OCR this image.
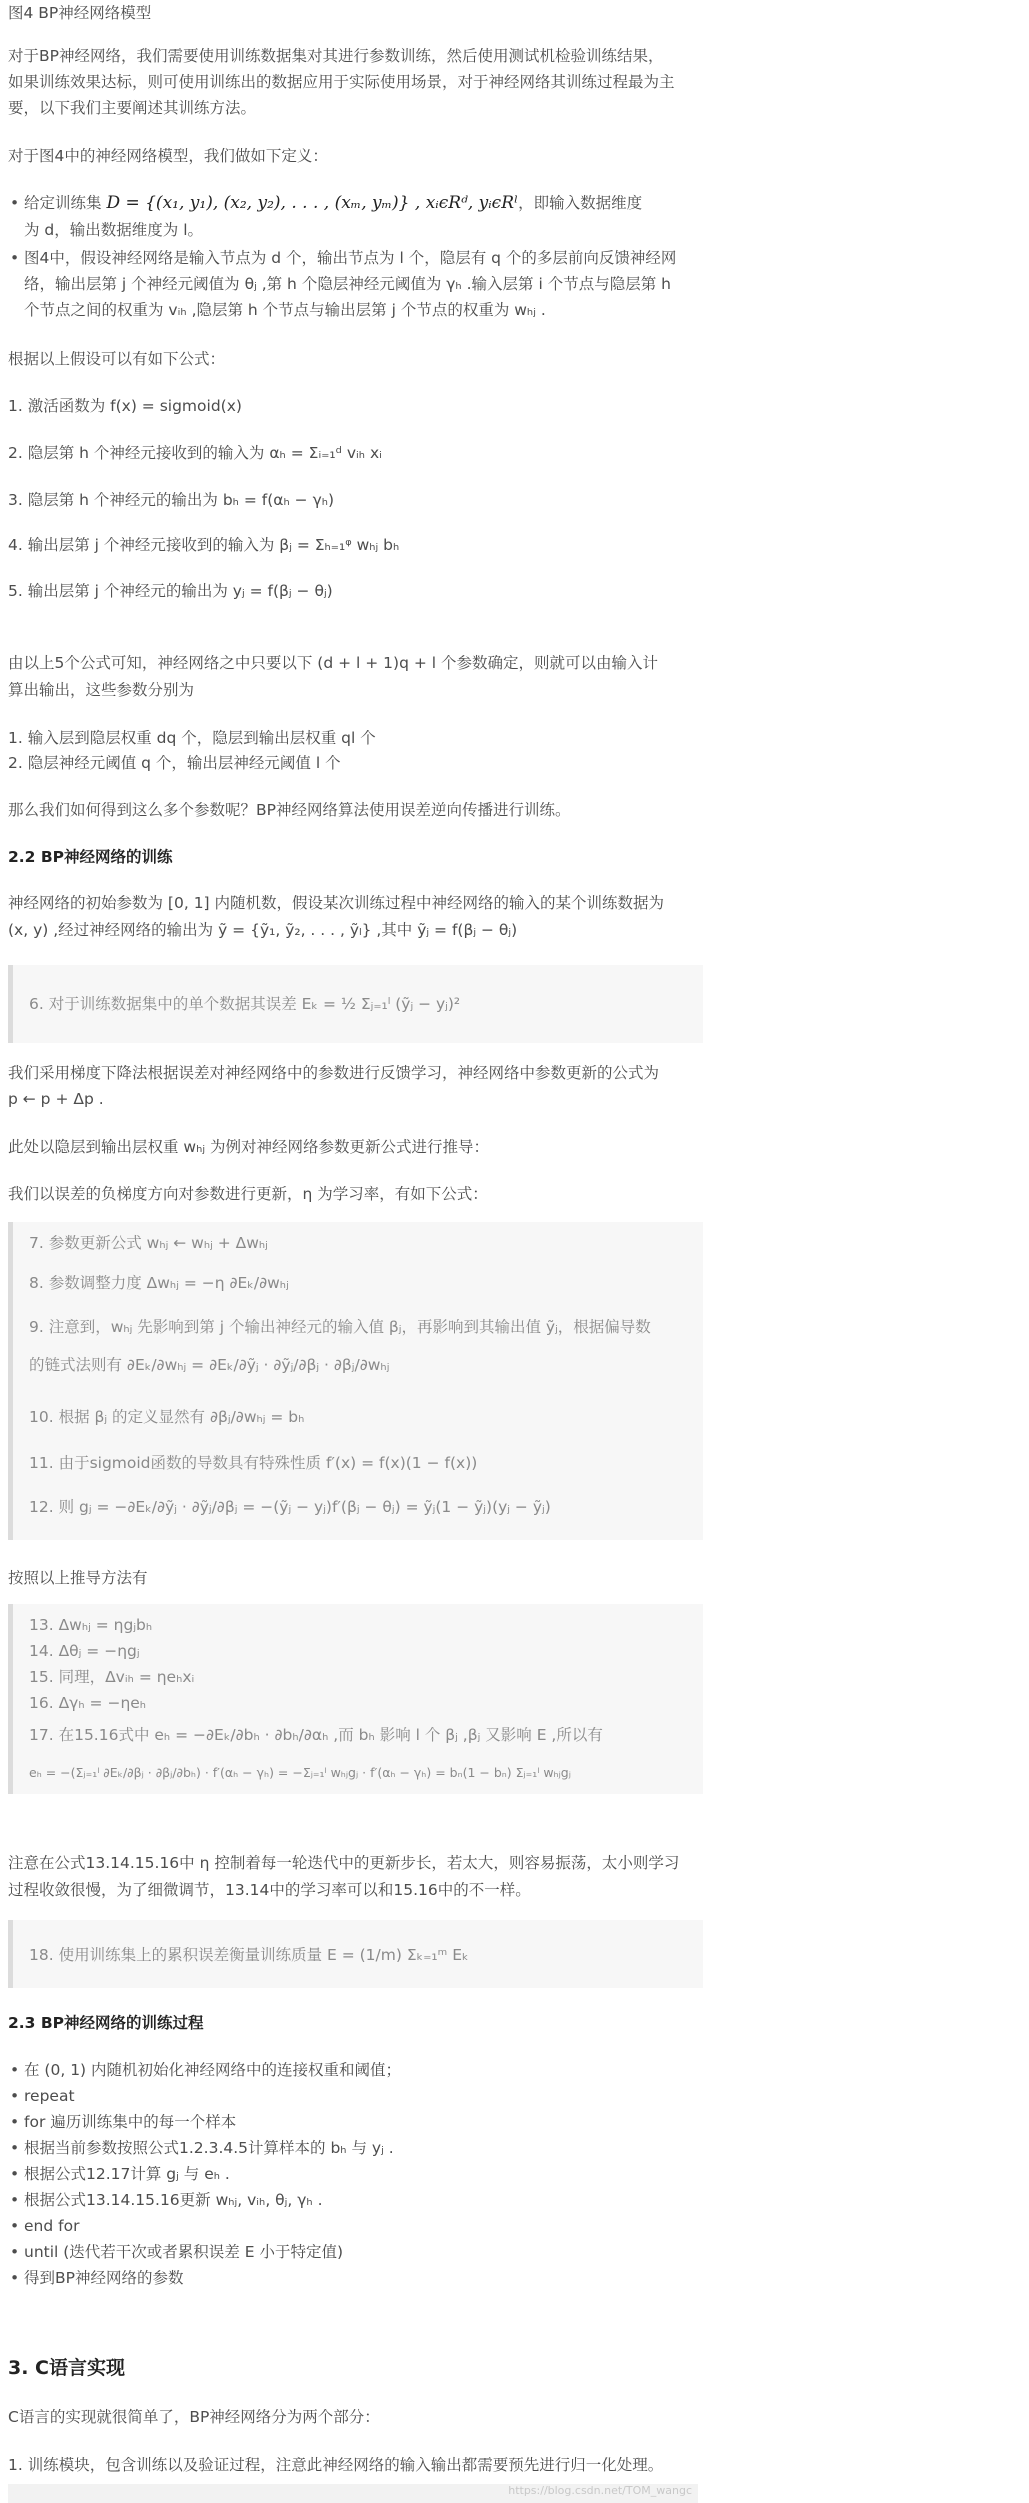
图4 BP神经网络模型
对于BP神经网络，我们需要使用训练数据集对其进行参数训练，然后使用测试机检验训练结果，
如果训练效果达标，则可使用训练出的数据应用于实际使用场景，对于神经网络其训练过程最为主
要，以下我们主要阐述其训练方法。
对于图4中的神经网络模型，我们做如下定义：
• 给定训练集 D = {(x₁, y₁), (x₂, y₂), . . . , (xₘ, yₘ)} , xᵢϵRᵈ, yᵢϵRˡ，即输入数据维度
为 d，输出数据维度为 l。
• 图4中，假设神经网络是输入节点为 d 个，输出节点为 l 个，隐层有 q 个的多层前向反馈神经网
络，输出层第 j 个神经元阈值为 θⱼ ,第 h 个隐层神经元阈值为 γₕ .输入层第 i 个节点与隐层第 h
个节点之间的权重为 vᵢₕ ,隐层第 h 个节点与输出层第 j 个节点的权重为 wₕⱼ .
根据以上假设可以有如下公式：
1. 激活函数为 f(x) = sigmoid(x)
2. 隐层第 h 个神经元接收到的输入为 αₕ = Σᵢ₌₁ᵈ vᵢₕ xᵢ
3. 隐层第 h 个神经元的输出为 bₕ = f(αₕ − γₕ)
4. 输出层第 j 个神经元接收到的输入为 βⱼ = Σₕ₌₁ᵠ wₕⱼ bₕ
5. 输出层第 j 个神经元的输出为 yⱼ = f(βⱼ − θⱼ)
由以上5个公式可知，神经网络之中只要以下 (d + l + 1)q + l 个参数确定，则就可以由输入计
算出输出，这些参数分别为
1. 输入层到隐层权重 dq 个，隐层到输出层权重 ql 个
2. 隐层神经元阈值 q 个，输出层神经元阈值 l 个
那么我们如何得到这么多个参数呢？BP神经网络算法使用误差逆向传播进行训练。
2.2 BP神经网络的训练
神经网络的初始参数为 [0, 1] 内随机数，假设某次训练过程中神经网络的输入的某个训练数据为
(x, y) ,经过神经网络的输出为 ỹ = {ỹ₁, ỹ₂, . . . , ỹₗ} ,其中 ỹⱼ = f(βⱼ − θⱼ)
6. 对于训练数据集中的单个数据其误差 Eₖ = ½ Σⱼ₌₁ˡ (ỹⱼ − yⱼ)²
我们采用梯度下降法根据误差对神经网络中的参数进行反馈学习，神经网络中参数更新的公式为
p ← p + Δp .
此处以隐层到输出层权重 wₕⱼ 为例对神经网络参数更新公式进行推导：
我们以误差的负梯度方向对参数进行更新，η 为学习率，有如下公式：
7. 参数更新公式 wₕⱼ ← wₕⱼ + Δwₕⱼ
8. 参数调整力度 Δwₕⱼ = −η ∂Eₖ/∂wₕⱼ
9. 注意到，wₕⱼ 先影响到第 j 个输出神经元的输入值 βⱼ，再影响到其输出值 ỹⱼ，根据偏导数
的链式法则有 ∂Eₖ/∂wₕⱼ = ∂Eₖ/∂ỹⱼ · ∂ỹⱼ/∂βⱼ · ∂βⱼ/∂wₕⱼ
10. 根据 βⱼ 的定义显然有 ∂βⱼ/∂wₕⱼ = bₕ
11. 由于sigmoid函数的导数具有特殊性质 f′(x) = f(x)(1 − f(x))
12. 则 gⱼ = −∂Eₖ/∂ỹⱼ · ∂ỹⱼ/∂βⱼ = −(ỹⱼ − yⱼ)f′(βⱼ − θⱼ) = ỹⱼ(1 − ỹⱼ)(yⱼ − ỹⱼ)
按照以上推导方法有
13. Δwₕⱼ = ηgⱼbₕ
14. Δθⱼ = −ηgⱼ
15. 同理，Δvᵢₕ = ηeₕxᵢ
16. Δγₕ = −ηeₕ
17. 在15.16式中 eₕ = −∂Eₖ/∂bₕ · ∂bₕ/∂αₕ ,而 bₕ 影响 l 个 βⱼ ,βⱼ 又影响 E ,所以有
eₕ = −(Σⱼ₌₁ˡ ∂Eₖ/∂βⱼ · ∂βⱼ/∂bₕ) · f′(αₕ − γₕ) = −Σⱼ₌₁ˡ wₕⱼgⱼ · f′(αₕ − γₕ) = bₙ(1 − bₙ) Σⱼ₌₁ˡ wₕⱼgⱼ
注意在公式13.14.15.16中 η 控制着每一轮迭代中的更新步长，若太大，则容易振荡，太小则学习
过程收敛很慢，为了细微调节，13.14中的学习率可以和15.16中的不一样。
18. 使用训练集上的累积误差衡量训练质量 E = (1/m) Σₖ₌₁ᵐ Eₖ
2.3 BP神经网络的训练过程
• 在 (0, 1) 内随机初始化神经网络中的连接权重和阈值；
• repeat
• for 遍历训练集中的每一个样本
• 根据当前参数按照公式1.2.3.4.5计算样本的 bₕ 与 yⱼ .
• 根据公式12.17计算 gⱼ 与 eₕ .
• 根据公式13.14.15.16更新 wₕⱼ, vᵢₕ, θⱼ, γₕ .
• end for
• until (迭代若干次或者累积误差 E 小于特定值)
• 得到BP神经网络的参数
3. C语言实现
C语言的实现就很简单了，BP神经网络分为两个部分：
1. 训练模块，包含训练以及验证过程，注意此神经网络的输入输出都需要预先进行归一化处理。
https://blog.csdn.net/TOM_wangc
